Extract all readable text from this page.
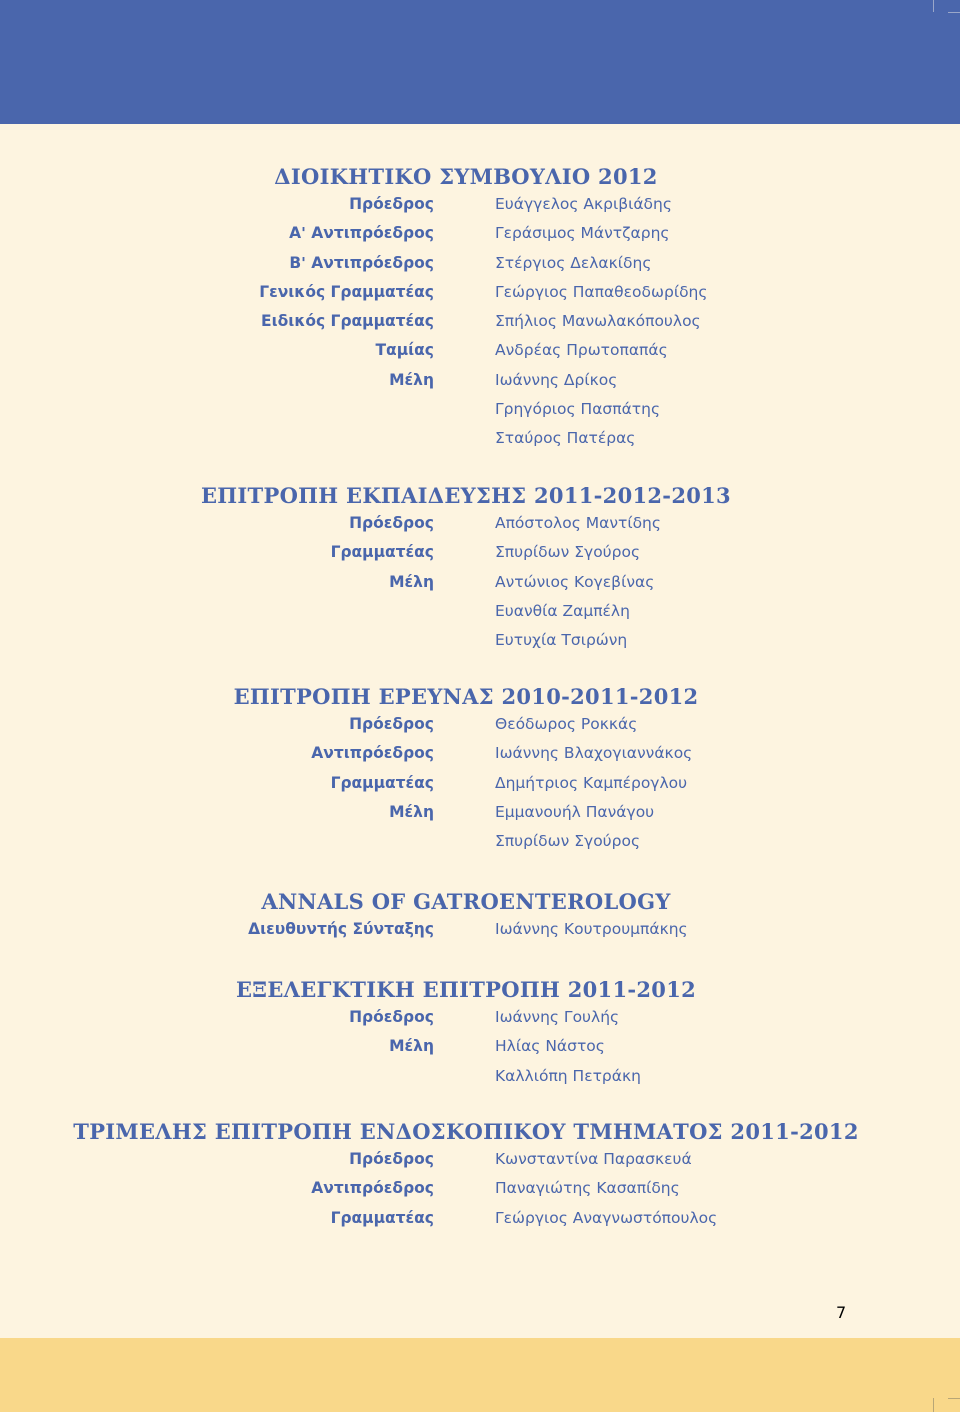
ΔΙΟΙΚΗΤΙΚΟ ΣΥΜΒΟΥΛΙΟ 2012
Πρόεδρος	Ευάγγελος Ακριβιάδης
Α' Αντιπρόεδρος	Γεράσιμος Μάντζαρης
Β' Αντιπρόεδρος	Στέργιος Δελακίδης
Γενικός Γραμματέας	Γεώργιος Παπαθεοδωρίδης
Ειδικός Γραμματέας	Σπήλιος Μανωλακόπουλος
Ταμίας	Ανδρέας Πρωτοπαπάς
Μέλη	Ιωάννης Δρίκος
Γρηγόριος Πασπάτης
Σταύρος Πατέρας
ΕΠΙΤΡΟΠΗ ΕΚΠΑΙΔΕΥΣΗΣ 2011-2012-2013
Πρόεδρος	Απόστολος Μαντίδης
Γραμματέας	Σπυρίδων Σγούρος
Μέλη	Αντώνιος Κογεβίνας
Ευανθία Ζαμπέλη
Ευτυχία Τσιρώνη
ΕΠΙΤΡΟΠΗ ΕΡΕΥΝΑΣ 2010-2011-2012
Πρόεδρος	Θεόδωρος Ροκκάς
Αντιπρόεδρος	Ιωάννης Βλαχογιαννάκος
Γραμματέας	Δημήτριος Καμπέρογλου
Μέλη	Εμμανουήλ Πανάγου
Σπυρίδων Σγούρος
ANNALS OF GATROENTEROLOGY
Διευθυντής Σύνταξης	Ιωάννης Κουτρουμπάκης
ΕΞΕΛΕΓΚΤΙΚΗ ΕΠΙΤΡΟΠΗ 2011-2012
Πρόεδρος	Ιωάννης Γουλής
Μέλη	Ηλίας Νάστος
Καλλιόπη Πετράκη
ΤΡΙΜΕΛΗΣ ΕΠΙΤΡΟΠΗ ΕΝΔΟΣΚΟΠΙΚΟΥ ΤΜΗΜΑΤΟΣ 2011-2012
Πρόεδρος	Κωνσταντίνα Παρασκευά
Αντιπρόεδρος	Παναγιώτης Κασαπίδης
Γραμματέας	Γεώργιος Αναγνωστόπουλος
7
